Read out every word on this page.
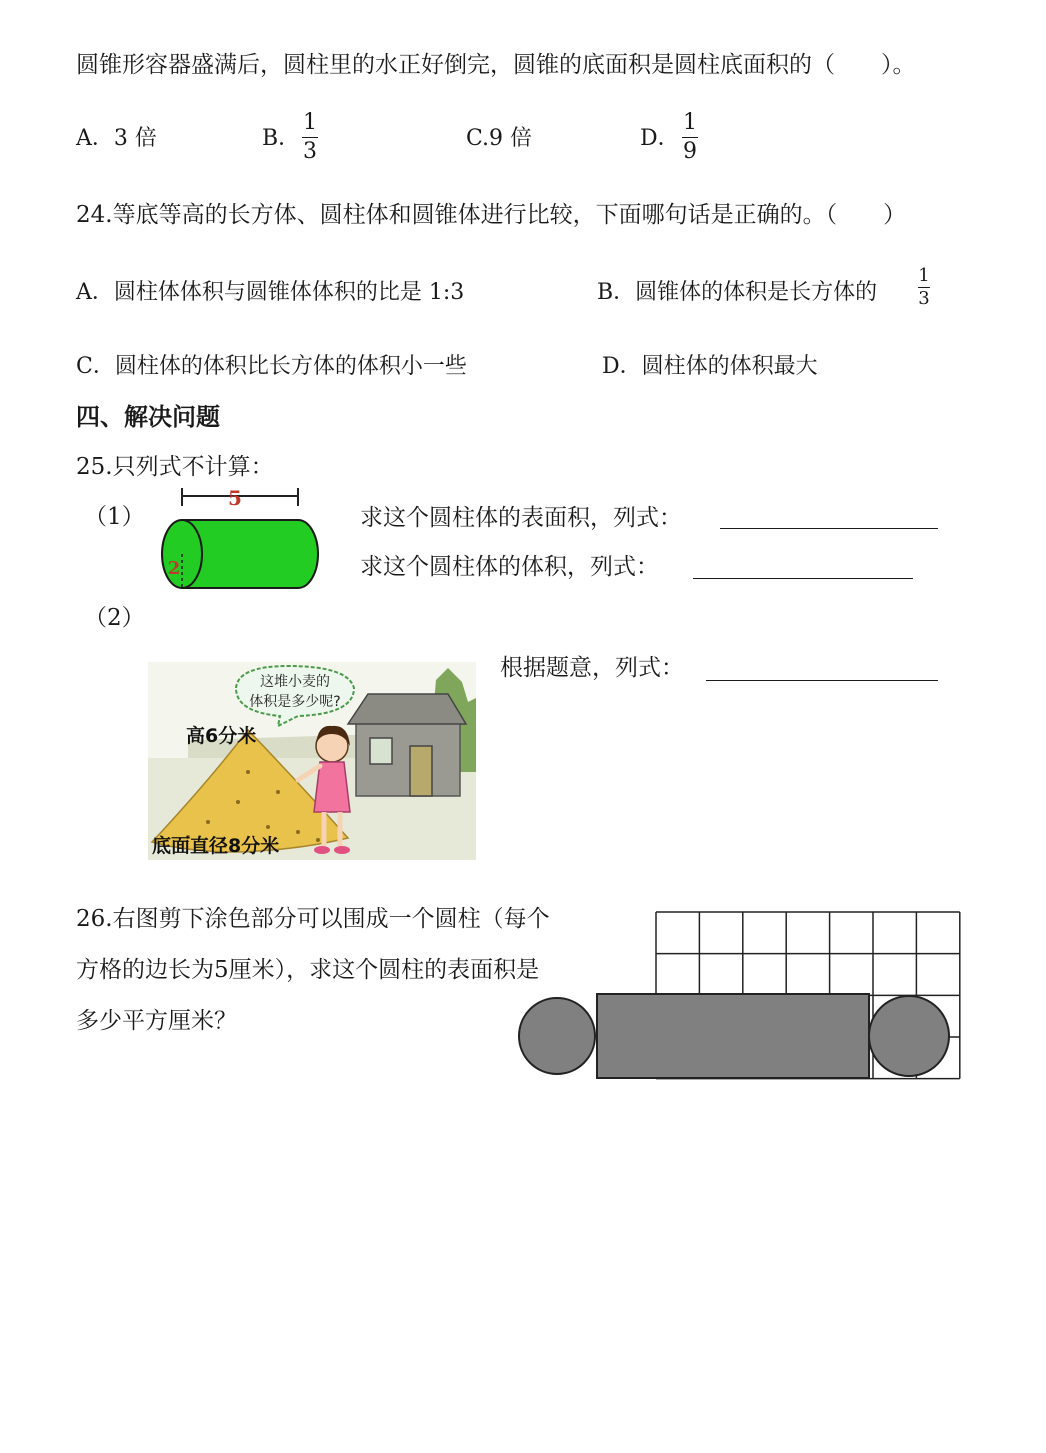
圆锥形容器盛满后，圆柱里的水正好倒完，圆锥的底面积是圆柱底面积的（　　）。
A．3 倍	B．
1
3
C.9 倍	D．
1
9
24.等底等高的长方体、圆柱体和圆锥体进行比较，下面哪句话是正确的。（　　）
A．圆柱体体积与圆锥体体积的比是 1:3	B．圆锥体的体积是长方体的
1
3
C．圆柱体的体积比长方体的体积小一些	D．圆柱体的体积最大
四、解决问题
25.只列式不计算：
（1）
5
2
求这个圆柱体的表面积，列式：
求这个圆柱体的体积，列式：
（2）
这堆小麦的
体积是多少呢?
高6分米
底面直径8分米
根据题意，列式：
26.右图剪下涂色部分可以围成一个圆柱（每个
方格的边长为5厘米），求这个圆柱的表面积是
多少平方厘米？
